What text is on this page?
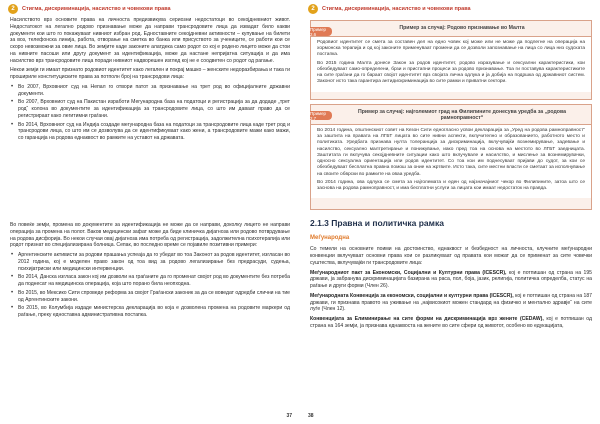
2	Стигма, дискриминација, насилство и човекови права

Насилството врз основите права на личноста предизвикува сериозни недостатоци во секојдневниот живот. Недостатокот на легално родово признавање може да направи трансродовите лица да извадат било какви документи кои што го покажуваат нивниот избран род. Едноставните секојдневни активности – купување на билети за воз, телефонска линија, работа, отворање на сметка во банка или присуството за учениците, се работи кои се скоро невозможни за овие лица. Во земјите каде законите алатдека само родот со кој е родено лицето може да стои на нивните пасоши или другу документ за идентификација, може да настане непријатна ситуација и да има насилство врз трансродовите лица поради нивниот надворешен изглед кој не е соодветен со родот од рагање.

Некои земји ги имаат признато родовиот идентитет како легален и покрај машко – женските недоразбирања и така ги прошириле конституциските права за потполн број на трансродови лица:

• Во 2007, Врховниот суд на Непал го отвори патот за признавање на трет род во официјалните државни документи.
• Во 2007, Врховниот суд на Пакистан изработи Мегународна база на податоци и регистрација за да додаде „трет род“ колона во документите за идентификација за трансродовите лица, со што им даваат право да се регистрираат како легитимни граѓани.
• Во 2014, Врховниот суд на Индија создаде мегународна база на податоци за трансродовите лица каде трет род и трансродови лица, со што им се дозволува да се идентификуваат како жени, а трансродовите мажи како мажи, со гаранција на родова еднаквост во рамките на уставот на државата.

Во повеќе земји, промена во документите за идентификација не може да се направи, доколку лицето не направи операција за промена на полот. Ваков медицински зафат може да биде клиничка дијагноза или родово потврдување на родова дисфорија. Во некои случаи овај дијагноза има потреба од регистрација, задолжителна психотерапија или родот признат во специјализирана болница. Сепак, во последно време се појавиле позитивни примери:

• Аргентинските активисти за родови прашања успеаја да го убедат во тоа Законот за родов идентитет, изгласан во 2012 година, кој е моделен право закон од тоа вид за родово легализирање без предрасуди, судења, психијатриски или медицински интервенции.
• Во 2014, Данска изгласа закон кој им дозволи на граѓаните да го променат својот род во документите без потреба да поднесат на медицинска операција, која што порано била неопходна.
• Во 2015, во Мексико Сити спроведе реформа за својот Граѓански законик за да се воведат одредби слични на тие од Аргентинските закони.
• Во 2015, во Колумбија издаде министерска декларација во која е дозволена промена на родовите маркери од раѓање, преку едноставна административна постапка.
37	38
2	Стигма, дискриминација, насилство и човекови права
Пример 2.6
Пример за случај: Родово признавање во Малта

Родовиот идентитет се смета за составен дел на едно човек кој може или не може да подлегне на операција на хормонска терапија и од кој законите применуваат промени да се дозволи запознавање на лица со лица низ судската постапка.

Во 2015 година Малта донесе Закон за родов идентитет, родово изразување и сексуални карактеристики, кои обезбедуваат само-определени, брзи и пристапни процеси за родово признавање. Тоа ги поставува карактеристиките на сите граѓани да го бараат својот идентитет врз својата лична одлука и ја добија на подршка од државниот систем. Законот исто така гарантира антидискриминација во сите рамки и приватни сектори.

Пример 2.7
Пример за случај: најголемиот град на Филипините донесува уредба за „родова рамноправност“

Во 2014 година, општинскиот совет на Кезон Сити едногласно усвои декларација за „Уред на родова рамноправност“ за заштита на правата на ЛГБТ лицата во сите нивни аспекти, вклучително и образованието, работното место и политиката. Уредбата признава нулта толеранција за дискриминација, вклучувајќи вознемирување, задевање и насилство, сексуално малтретирање и понижување, иако пред тоа на основа на местото во ЛГБТ заедницата. Заштитата ги вклучува секојдневните ситуации како што вклучувале и насилство, и мислење за вознемирувачки, односно сексуална ориентација или родов идентитет. Со тоа кои им поднесуваат пријави до судот, за кои се обезбедуваат бесплатна правна помош за оние на жртвите. Исто така, сите местни власти се сметаат за исполнување на своите обврски во рамките на оваа уредба.

Во 2014 година, ова одлука се смета за најголемата и еден од најзначајниот чекор во Филипините, затоа што се заснова на родова рамноправност, и има бесплатни услуги за лицата кои имаат недостаток на правда.

2.1.3 Правна и политичка рамка
Меѓународна

Со темели на основните поими на достоинство, еднаквост и безбедност на личноста, клучните меѓународни конвенции вклучуваат основни права кои се разликуваат од правата кои можат да се применат за сите човечки суштества, вклучувајќи ги трансродовите лица:

Меѓународниот пакт за Економски, Социјални и Културни права (ICESCR), кој е потпишан од страна на 195 држави, ја забранува дискриминацијата базирана на раса, пол, боја, јазик, религија, политичка определба, статус на раѓање и други форми (Член 26).

Меѓународната Конвенција за економски, социјални и културни права (ICESCR), кој е потпишан од страна на 187 држави, ги признава правото на уживање на „највисокиот можен стандард на физичко и ментално здравје“ на сите луѓе (Член 12).

Конвенцијата за Елиминирање на сите форми на дискриминација врз жените (CEDAW), кој е потпишан од страна на 164 земји, ја признава еднаквоста на жените во сите сфери од животот, особено во едукацијата,
